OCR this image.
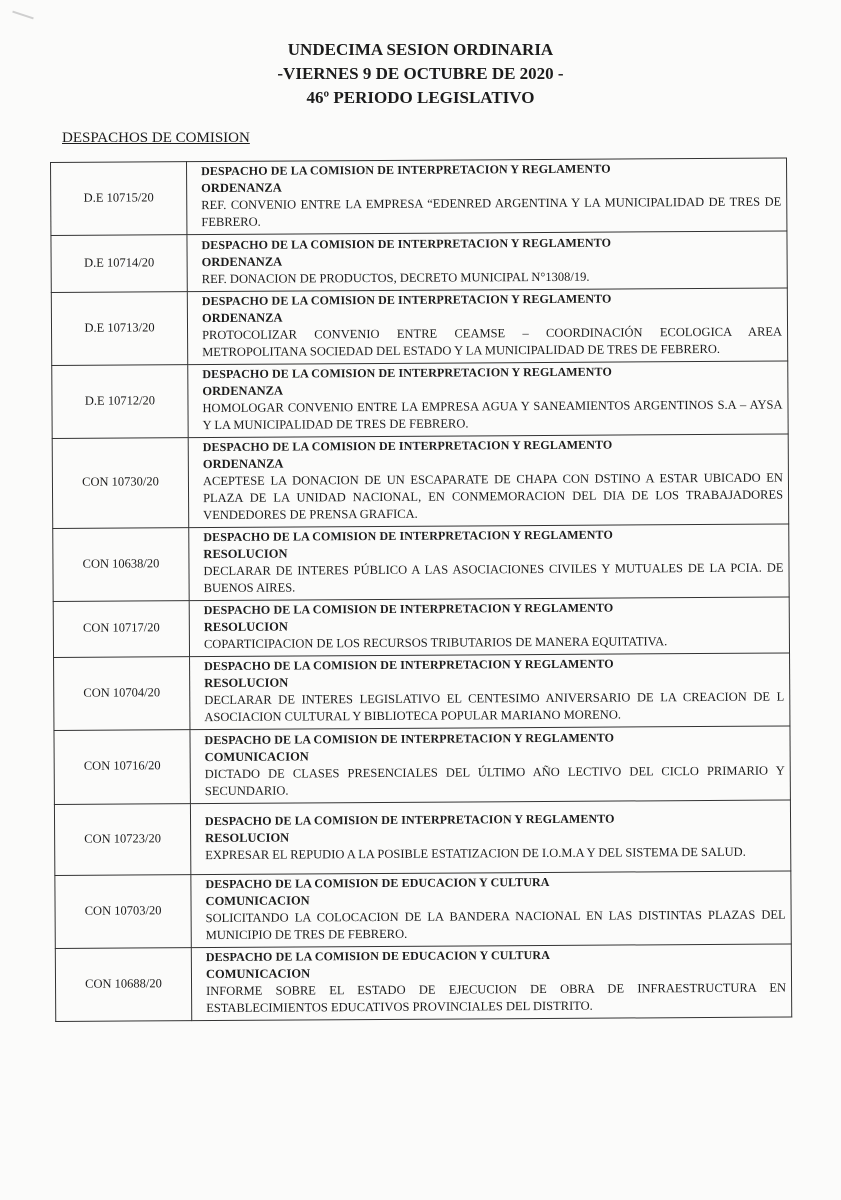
UNDECIMA SESION ORDINARIA
-VIERNES 9 DE OCTUBRE DE 2020 -
46º PERIODO LEGISLATIVO
DESPACHOS DE COMISION
D.E 10715/20	DESPACHO DE LA COMISION DE INTERPRETACION Y REGLAMENTO
ORDENANZA
REF. CONVENIO ENTRE LA EMPRESA “EDENRED ARGENTINA Y LA MUNICIPALIDAD DE TRES DE FEBRERO.

D.E 10714/20	DESPACHO DE LA COMISION DE INTERPRETACION Y REGLAMENTO
ORDENANZA
REF. DONACION DE PRODUCTOS, DECRETO MUNICIPAL N°1308/19.

D.E 10713/20	DESPACHO DE LA COMISION DE INTERPRETACION Y REGLAMENTO
ORDENANZA
PROTOCOLIZAR CONVENIO ENTRE CEAMSE – COORDINACIÓN ECOLOGICA AREA METROPOLITANA SOCIEDAD DEL ESTADO Y LA MUNICIPALIDAD DE TRES DE FEBRERO.

D.E 10712/20	DESPACHO DE LA COMISION DE INTERPRETACION Y REGLAMENTO
ORDENANZA
HOMOLOGAR CONVENIO ENTRE LA EMPRESA AGUA Y SANEAMIENTOS ARGENTINOS S.A – AYSA Y LA MUNICIPALIDAD DE TRES DE FEBRERO.

CON 10730/20	DESPACHO DE LA COMISION DE INTERPRETACION Y REGLAMENTO
ORDENANZA
ACEPTESE LA DONACION DE UN ESCAPARATE DE CHAPA CON DSTINO A ESTAR UBICADO EN PLAZA DE LA UNIDAD NACIONAL, EN CONMEMORACION DEL DIA DE LOS TRABAJADORES VENDEDORES DE PRENSA GRAFICA.

CON 10638/20	DESPACHO DE LA COMISION DE INTERPRETACION Y REGLAMENTO
RESOLUCION
DECLARAR DE INTERES PÚBLICO A LAS ASOCIACIONES CIVILES Y MUTUALES DE LA PCIA. DE BUENOS AIRES.

CON 10717/20	DESPACHO DE LA COMISION DE INTERPRETACION Y REGLAMENTO
RESOLUCION
COPARTICIPACION DE LOS RECURSOS TRIBUTARIOS DE MANERA EQUITATIVA.

CON 10704/20	DESPACHO DE LA COMISION DE INTERPRETACION Y REGLAMENTO
RESOLUCION
DECLARAR DE INTERES LEGISLATIVO EL CENTESIMO ANIVERSARIO DE LA CREACION DE L ASOCIACION CULTURAL Y BIBLIOTECA POPULAR MARIANO MORENO.

CON 10716/20	DESPACHO DE LA COMISION DE INTERPRETACION Y REGLAMENTO
COMUNICACION
DICTADO DE CLASES PRESENCIALES DEL ÚLTIMO AÑO LECTIVO DEL CICLO PRIMARIO Y SECUNDARIO.

CON 10723/20	DESPACHO DE LA COMISION DE INTERPRETACION Y REGLAMENTO
RESOLUCION
EXPRESAR EL REPUDIO A LA POSIBLE ESTATIZACION DE I.O.M.A Y DEL SISTEMA DE SALUD.

CON 10703/20	DESPACHO DE LA COMISION DE EDUCACION Y CULTURA
COMUNICACION
SOLICITANDO LA COLOCACION DE LA BANDERA NACIONAL EN LAS DISTINTAS PLAZAS DEL MUNICIPIO DE TRES DE FEBRERO.

CON 10688/20	DESPACHO DE LA COMISION DE EDUCACION Y CULTURA
COMUNICACION
INFORME SOBRE EL ESTADO DE EJECUCION DE OBRA DE INFRAESTRUCTURA EN ESTABLECIMIENTOS EDUCATIVOS PROVINCIALES DEL DISTRITO.
